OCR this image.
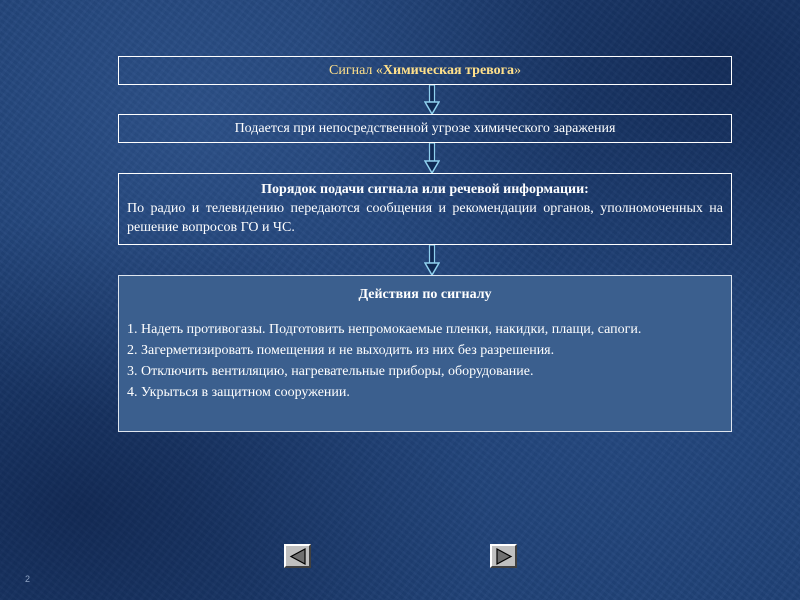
Сигнал « Химическая тревога »
Подается при непосредственной угрозе химического заражения
Порядок подачи сигнала или речевой информации:
По радио и телевидению передаются сообщения и рекомендации органов, уполномоченных на решение вопросов ГО и ЧС.
Действия по сигналу
1. Надеть противогазы. Подготовить непромокаемые пленки, накидки, плащи, сапоги.
2. Загерметизировать помещения и не выходить из них без разрешения.
3. Отключить вентиляцию, нагревательные приборы, оборудование.
4. Укрыться в защитном сооружении.
2
